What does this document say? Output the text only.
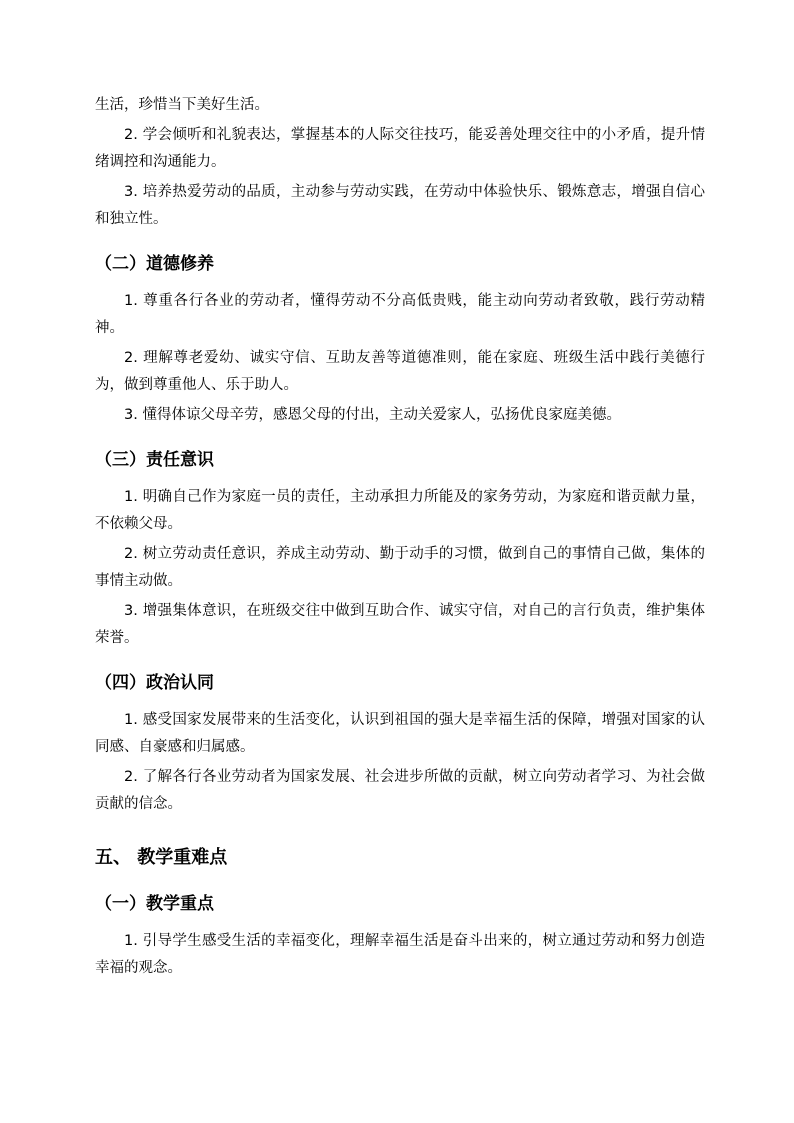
生活，珍惜当下美好生活。

2. 学会倾听和礼貌表达，掌握基本的人际交往技巧，能妥善处理交往中的小矛盾，提升情绪调控和沟通能力。

3. 培养热爱劳动的品质，主动参与劳动实践，在劳动中体验快乐、锻炼意志，增强自信心和独立性。

（二）道德修养

1. 尊重各行各业的劳动者，懂得劳动不分高低贵贱，能主动向劳动者致敬，践行劳动精神。

2. 理解尊老爱幼、诚实守信、互助友善等道德准则，能在家庭、班级生活中践行美德行为，做到尊重他人、乐于助人。

3. 懂得体谅父母辛劳，感恩父母的付出，主动关爱家人，弘扬优良家庭美德。

（三）责任意识

1. 明确自己作为家庭一员的责任，主动承担力所能及的家务劳动，为家庭和谐贡献力量，不依赖父母。

2. 树立劳动责任意识，养成主动劳动、勤于动手的习惯，做到自己的事情自己做，集体的事情主动做。

3. 增强集体意识，在班级交往中做到互助合作、诚实守信，对自己的言行负责，维护集体荣誉。

（四）政治认同

1. 感受国家发展带来的生活变化，认识到祖国的强大是幸福生活的保障，增强对国家的认同感、自豪感和归属感。

2. 了解各行各业劳动者为国家发展、社会进步所做的贡献，树立向劳动者学习、为社会做贡献的信念。

五、 教学重难点
（一）教学重点

1. 引导学生感受生活的幸福变化，理解幸福生活是奋斗出来的，树立通过劳动和努力创造幸福的观念。
